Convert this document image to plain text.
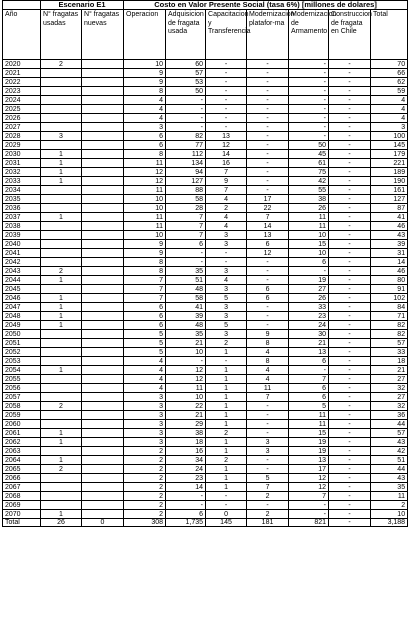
	Escenario E1		Costo en Valor Presente Social (tasa 6%) [millones de dolares]						
Año	N° fragatas usadas	N° fragatas nuevas	Operacion	Adquisicion de fragata usada	Capacitacion y Transferencia	Modernizacion platafor-ma	Modernizacion de Armamento	Construccion de fragata en Chile	Total
2020	2		10	60	-	-	-	-	70
2021			9	57	-	-	-	-	66
2022			9	53	-	-	-	-	62
2023			8	50	-	-	-	-	59
2024			4	-	-	-	-	-	4
2025			4	-	-	-	-	-	4
2026			4	-	-	-	-	-	4
2027			3	-	-	-	-	-	3
2028	3		6	82	13	-	-	-	100
2029			6	77	12	-	50	-	145
2030	1		8	112	14	-	45	-	179
2031	1		11	134	16	-	61	-	221
2032	1		12	94	7	-	75	-	189
2033	1		12	127	9	-	42	-	190
2034			11	88	7	-	55	-	161
2035			10	58	4	17	38	-	127
2036			10	28	2	22	26	-	87
2037	1		11	7	4	7	11	-	41
2038			11	7	4	14	11	-	46
2039			10	7	3	13	10	-	43
2040			9	6	3	6	15	-	39
2041			9	-	-	12	10	-	31
2042			8	-	-	-	6	-	14
2043	2		8	35	3	-	-	-	46
2044	1		7	51	4	-	19	-	80
2045			7	48	3	6	27	-	91
2046	1		7	58	5	6	26	-	102
2047	1		6	41	3	-	33	-	84
2048	1		6	39	3	-	23	-	71
2049	1		6	48	5	-	24	-	82
2050			5	35	3	9	30	-	82
2051			5	21	2	8	21	-	57
2052			5	10	1	4	13	-	33
2053			4	-	-	8	6	-	18
2054	1		4	12	1	4	-	-	21
2055			4	12	1	4	7	-	27
2056			4	11	1	11	6	-	32
2057			3	10	1	7	6	-	27
2058	2		3	22	1	-	5	-	32
2059			3	21	1	-	11	-	36
2060			3	29	1	-	11	-	44
2061	1		3	38	2	-	15	-	57
2062	1		3	18	1	3	19	-	43
2063			2	16	1	3	19	-	42
2064	1		2	34	2	-	13	-	51
2065	2		2	24	1	-	17	-	44
2066			2	23	1	5	12	-	43
2067			2	14	1	7	12	-	35
2068			2	-	-	2	7	-	11
2069			2	-	-	-	-	-	2
2070	1		2	6	0	2	-	-	10
Total	26	0	308	1,735	145	181	821	-	3,188
